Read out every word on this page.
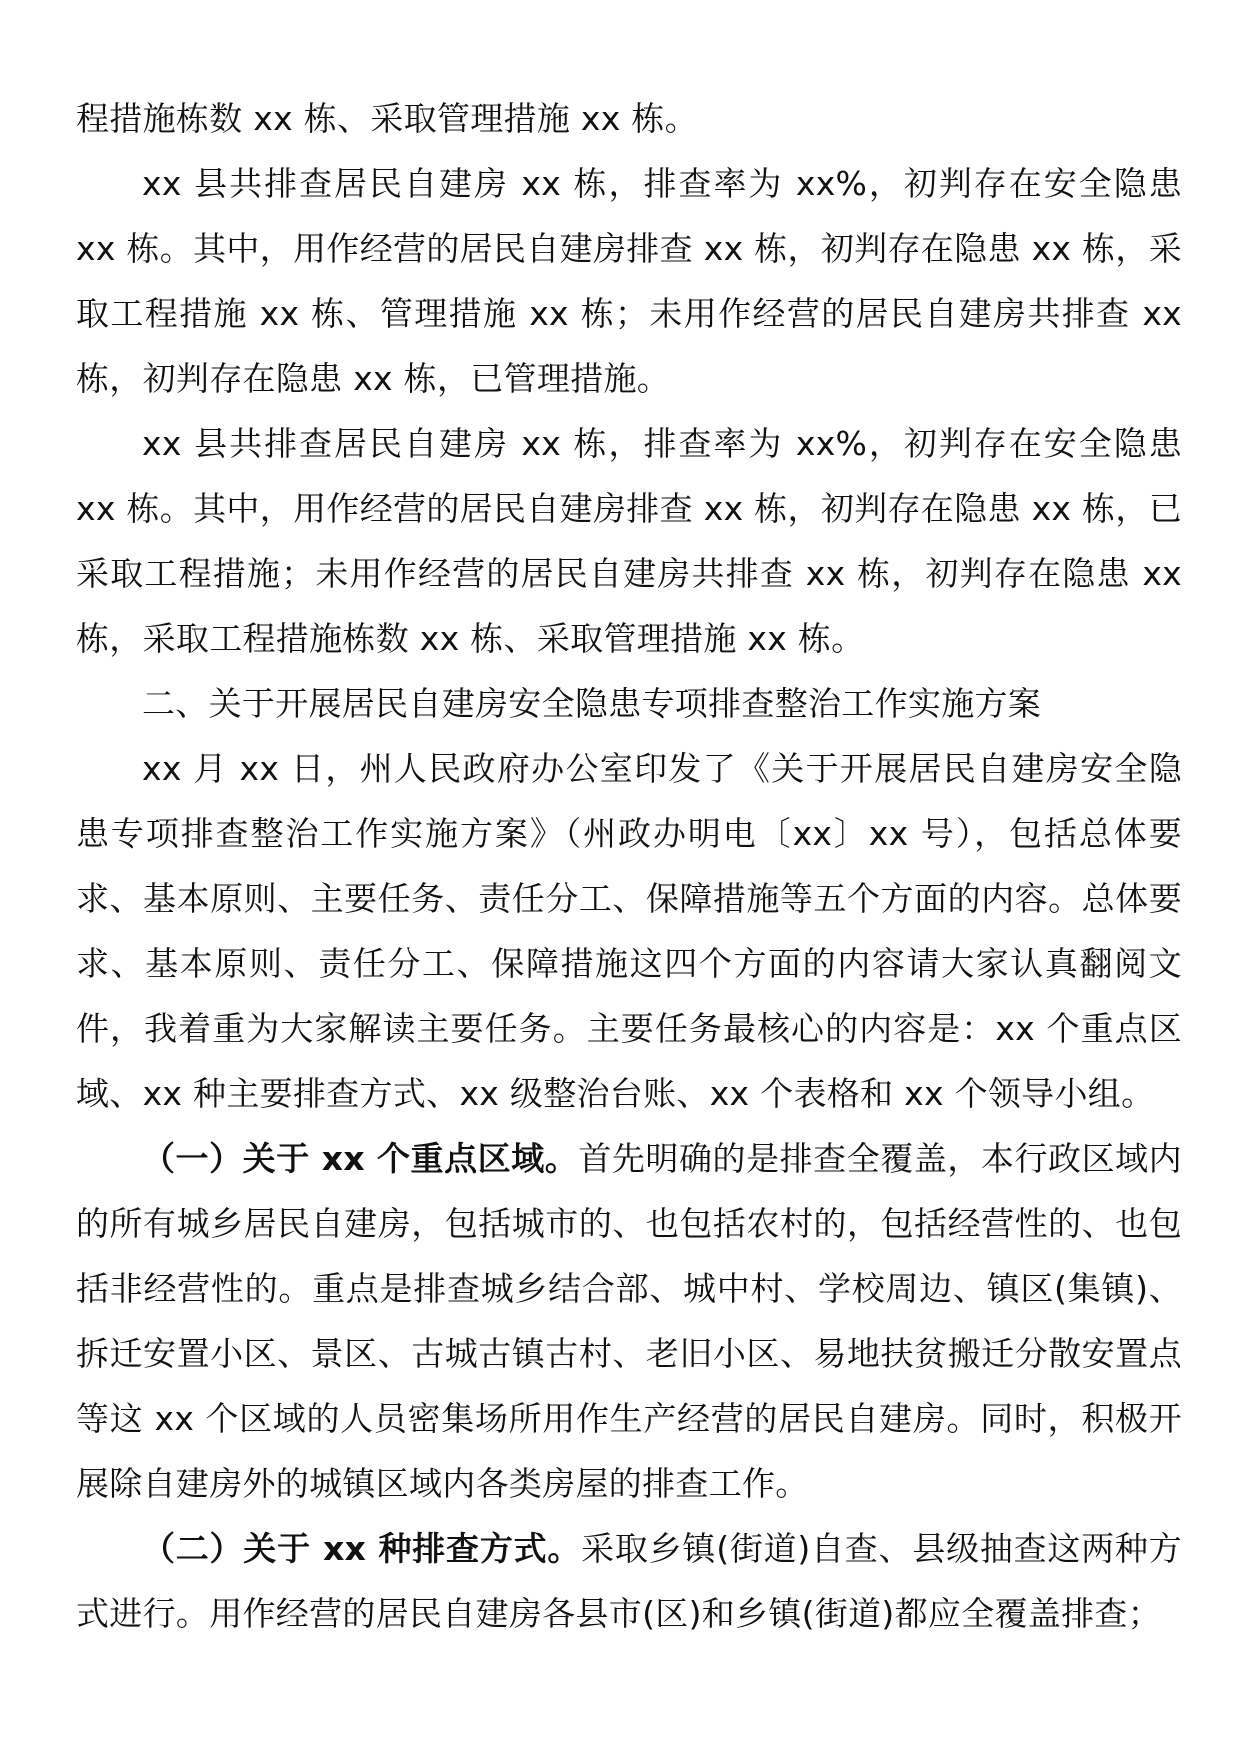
程措施栋数 xx 栋、采取管理措施 xx 栋。

xx 县共排查居民自建房 xx 栋，排查率为 xx%，初判存在安全隐患 xx 栋。其中，用作经营的居民自建房排查 xx 栋，初判存在隐患 xx 栋，采取工程措施 xx 栋、管理措施 xx 栋；未用作经营的居民自建房共排查 xx 栋，初判存在隐患 xx 栋，已管理措施。

xx 县共排查居民自建房 xx 栋，排查率为 xx%，初判存在安全隐患 xx 栋。其中，用作经营的居民自建房排查 xx 栋，初判存在隐患 xx 栋，已采取工程措施；未用作经营的居民自建房共排查 xx 栋，初判存在隐患 xx 栋，采取工程措施栋数 xx 栋、采取管理措施 xx 栋。

二、关于开展居民自建房安全隐患专项排查整治工作实施方案

xx 月 xx 日，州人民政府办公室印发了《关于开展居民自建房安全隐患专项排查整治工作实施方案》（州政办明电〔xx〕xx 号），包括总体要求、基本原则、主要任务、责任分工、保障措施等五个方面的内容。总体要求、基本原则、责任分工、保障措施这四个方面的内容请大家认真翻阅文件，我着重为大家解读主要任务。主要任务最核心的内容是：xx 个重点区域、xx 种主要排查方式、xx 级整治台账、xx 个表格和 xx 个领导小组。

（一）关于 xx 个重点区域。首先明确的是排查全覆盖，本行政区域内的所有城乡居民自建房，包括城市的、也包括农村的，包括经营性的、也包括非经营性的。重点是排查城乡结合部、城中村、学校周边、镇区(集镇)、拆迁安置小区、景区、古城古镇古村、老旧小区、易地扶贫搬迁分散安置点等这 xx 个区域的人员密集场所用作生产经营的居民自建房。同时，积极开展除自建房外的城镇区域内各类房屋的排查工作。

（二）关于 xx 种排查方式。采取乡镇(街道)自查、县级抽查这两种方式进行。用作经营的居民自建房各县市(区)和乡镇(街道)都应全覆盖排查；
